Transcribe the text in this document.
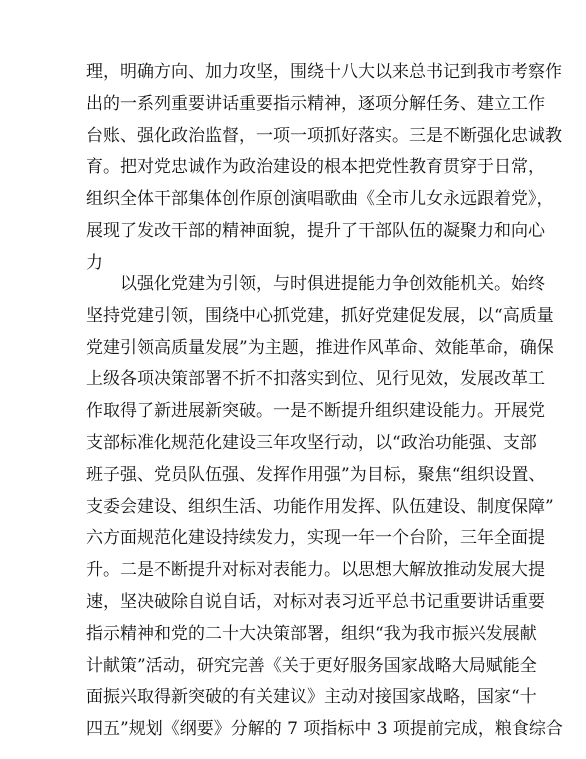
理，明确方向、加力攻坚，围绕十八大以来总书记到我市考察作
出的一系列重要讲话重要指示精神，逐项分解任务、建立工作
台账、强化政治监督，一项一项抓好落实。三是不断强化忠诚教
育。把对党忠诚作为政治建设的根本把党性教育贯穿于日常，
组织全体干部集体创作原创演唱歌曲《全市儿女永远跟着党》，
展现了发改干部的精神面貌，提升了干部队伍的凝聚力和向心
力
以强化党建为引领，与时俱进提能力争创效能机关。始终
坚持党建引领，围绕中心抓党建，抓好党建促发展，以“高质量
党建引领高质量发展”为主题，推进作风革命、效能革命，确保
上级各项决策部署不折不扣落实到位、见行见效，发展改革工
作取得了新进展新突破。一是不断提升组织建设能力。开展党
支部标准化规范化建设三年攻坚行动，以“政治功能强、支部
班子强、党员队伍强、发挥作用强”为目标，聚焦“组织设置、
支委会建设、组织生活、功能作用发挥、队伍建设、制度保障”
六方面规范化建设持续发力，实现一年一个台阶，三年全面提
升。二是不断提升对标对表能力。以思想大解放推动发展大提
速，坚决破除自说自话，对标对表习近平总书记重要讲话重要
指示精神和党的二十大决策部署，组织“我为我市振兴发展献
计献策”活动，研究完善《关于更好服务国家战略大局赋能全
面振兴取得新突破的有关建议》主动对接国家战略，国家“十
四五”规划《纲要》分解的 7 项指标中 3 项提前完成，粮食综合
